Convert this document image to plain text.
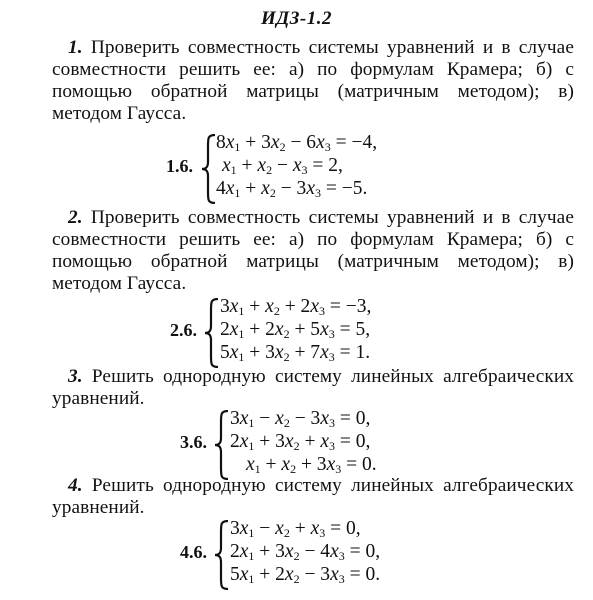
ИДЗ-1.2
1. Проверить совместность системы уравнений и в случае совместности решить ее: а) по формулам Крамера; б) с помощью обратной матрицы (матричным методом); в) методом Гаусса.
1.6.
$8x_1 + 3x_2 - 6x_3 = -4$,
$x_1 + x_2 - x_3 = 2$,
$4x_1 + x_2 - 3x_3 = -5$.
2. Проверить совместность системы уравнений и в случае совместности решить ее: а) по формулам Крамера; б) с помощью обратной матрицы (матричным методом); в) методом Гаусса.
2.6.
$3x_1 + x_2 + 2x_3 = -3$,
$2x_1 + 2x_2 + 5x_3 = 5$,
$5x_1 + 3x_2 + 7x_3 = 1$.
3. Решить однородную систему линейных алгебраических уравнений.
3.6.
$3x_1 - x_2 - 3x_3 = 0$,
$2x_1 + 3x_2 + x_3 = 0$,
$x_1 + x_2 + 3x_3 = 0$.
4. Решить однородную систему линейных алгебраических уравнений.
4.6.
$3x_1 - x_2 + x_3 = 0$,
$2x_1 + 3x_2 - 4x_3 = 0$,
$5x_1 + 2x_2 - 3x_3 = 0$.
